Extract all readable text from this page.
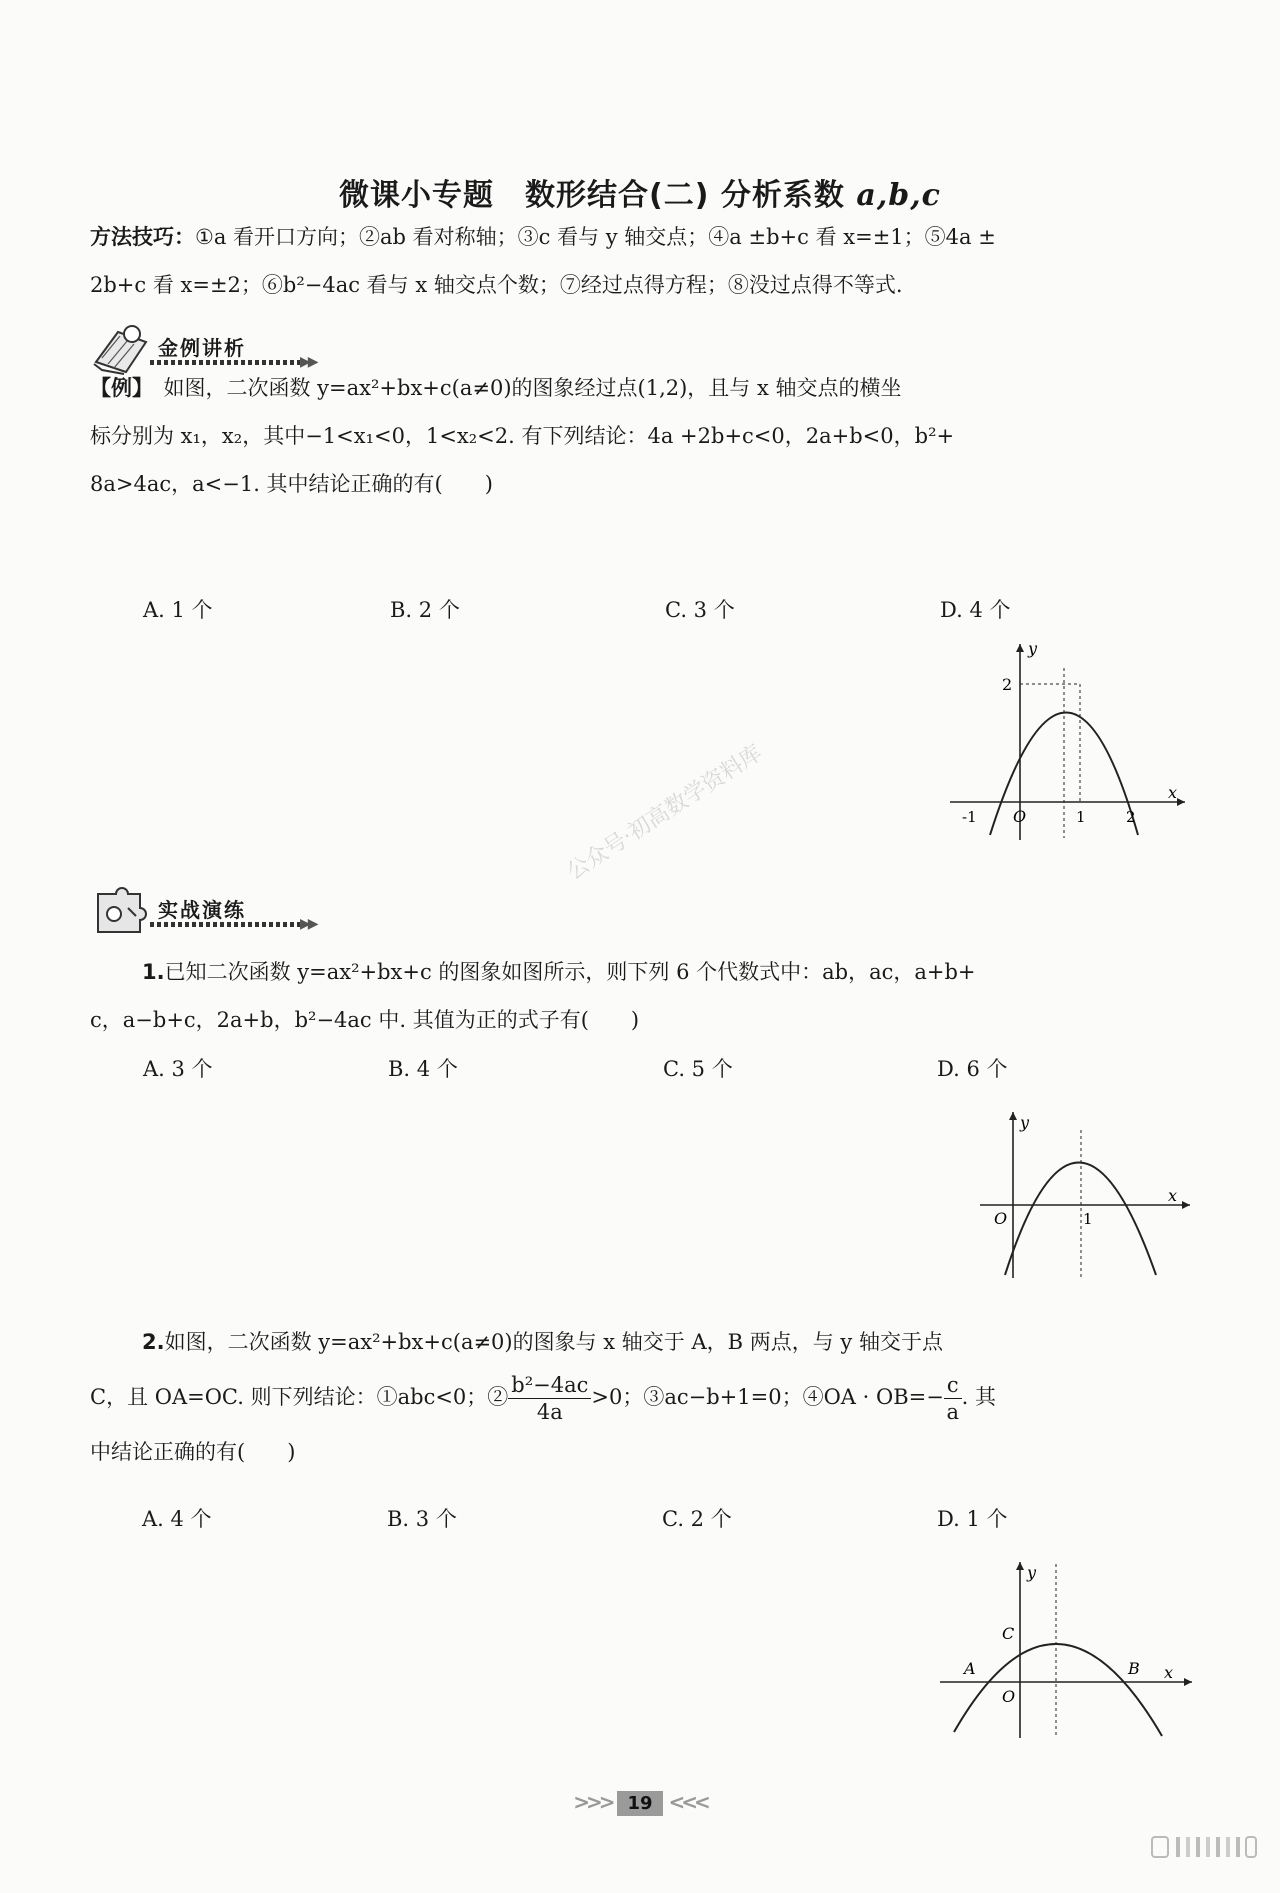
微课小专题　数形结合(二) 分析系数 a,b,c
方法技巧：①a 看开口方向；②ab 看对称轴；③c 看与 y 轴交点；④a ±b+c 看 x=±1；⑤4a ±
2b+c 看 x=±2；⑥b²−4ac 看与 x 轴交点个数；⑦经过点得方程；⑧没过点得不等式.
金例讲析
▶▶
【例】　 如图，二次函数 y=ax²+bx+c(a≠0)的图象经过点(1,2)，且与 x 轴交点的横坐
标分别为 x₁，x₂，其中−1<x₁<0，1<x₂<2. 有下列结论：4a +2b+c<0，2a+b<0，b²+
8a>4ac，a<−1. 其中结论正确的有(　　)
A. 1 个	B. 2 个	C. 3 个	D. 4 个
y
x
2
-1 O	1	2
实战演练
▶▶
公众号·初高数学资料库
1.已知二次函数 y=ax²+bx+c 的图象如图所示，则下列 6 个代数式中：ab，ac，a+b+
c，a−b+c，2a+b，b²−4ac 中. 其值为正的式子有(　　)
A. 3 个	B. 4 个	C. 5 个	D. 6 个
y
x
O	1
2.如图，二次函数 y=ax²+bx+c(a≠0)的图象与 x 轴交于 A，B 两点，与 y 轴交于点
C，且 OA=OC. 则下列结论：①abc<0；② $\frac{\text{b²−4ac}}{4a} >0$；③ac−b+1=0；④OA · $OB=- \frac{c}{a}$ . 其
中结论正确的有(　　)
A. 4 个	B. 3 个	C. 2 个	D. 1 个
y
x
O
A	B
C
>>> 19 <<<
